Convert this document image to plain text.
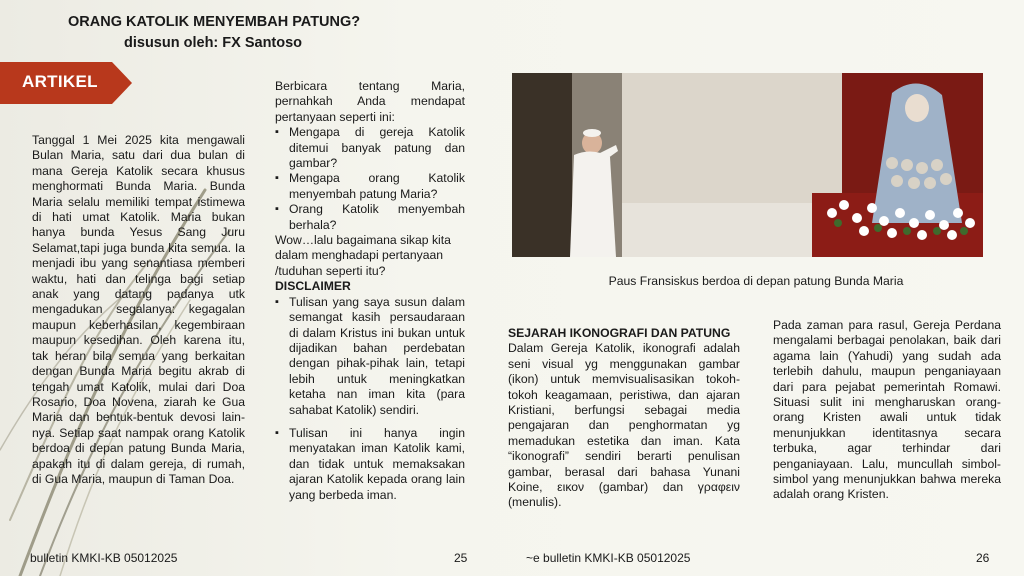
ORANG KATOLIK MENYEMBAH PATUNG?
disusun oleh: FX Santoso
ARTIKEL

Tanggal 1 Mei 2025 kita mengawali Bulan Maria, satu dari dua bulan di mana Gereja Katolik secara khusus menghormati Bunda Maria. Bunda Maria selalu memiliki tempat istimewa di hati umat Katolik. Maria bukan hanya bunda Yesus Sang Juru Selamat,tapi juga bunda kita semua. Ia menjadi ibu yang senantiasa memberi waktu, hati dan telinga bagi setiap anak yang datang padanya utk mengadukan segalanya: kegagalan maupun keberhasilan, kegembiraan maupun kesedihan. Oleh karena itu, tak heran bila semua yang berkaitan dengan Bunda Maria begitu akrab di tengah umat Katolik, mulai dari Doa Rosario, Doa Novena, ziarah ke Gua Maria dan bentuk-bentuk devosi lain-nya. Setiap saat nampak orang Katolik berdoa di depan patung Bunda Maria, apakah itu di dalam gereja, di rumah, di Gua Maria, maupun di Taman Doa.

Berbicara tentang Maria, pernahkah Anda mendapat pertanyaan seperti ini:

▪ Mengapa di gereja Katolik ditemui banyak patung dan gambar?
▪ Mengapa orang Katolik menyembah patung Maria?
▪ Orang Katolik menyembah berhala?

Wow…lalu bagaimana sikap kita dalam menghadapi pertanyaan /tuduhan seperti itu?

DISCLAIMER

▪ Tulisan yang saya susun dalam semangat kasih persaudaraan di dalam Kristus ini bukan untuk dijadikan bahan perdebatan dengan pihak-pihak lain, tetapi lebih untuk meningkatkan ketaha nan iman kita (para sahabat Katolik) sendiri.
▪ Tulisan ini hanya ingin menyatakan iman Katolik kami, dan tidak untuk memaksakan ajaran Katolik kepada orang lain yang berbeda iman.
Paus Fransiskus berdoa di depan patung Bunda Maria

SEJARAH IKONOGRAFI DAN PATUNG

Dalam Gereja Katolik, ikonografi adalah seni visual yg menggunakan gambar (ikon) untuk memvisualisasikan tokoh-tokoh keagamaan, peristiwa, dan ajaran Kristiani, berfungsi sebagai media pengajaran dan penghormatan yg memadukan estetika dan iman. Kata “ikonografi” sendiri berarti penulisan gambar, berasal dari bahasa Yunani Koine, εικον (gambar) dan γραφειν (menulis).

Pada zaman para rasul, Gereja Perdana mengalami berbagai penolakan, baik dari agama lain (Yahudi) yang sudah ada terlebih dahulu, maupun penganiayaan dari para pejabat pemerintah Romawi. Situasi sulit ini mengharuskan orang-orang Kristen awali untuk tidak menunjukkan identitasnya secara terbuka, agar terhindar dari penganiayaan. Lalu, muncullah simbol-simbol yang menunjukkan bahwa mereka adalah orang Kristen.

bulletin KMKI-KB 05012025	25	~e bulletin KMKI-KB 05012025	26
